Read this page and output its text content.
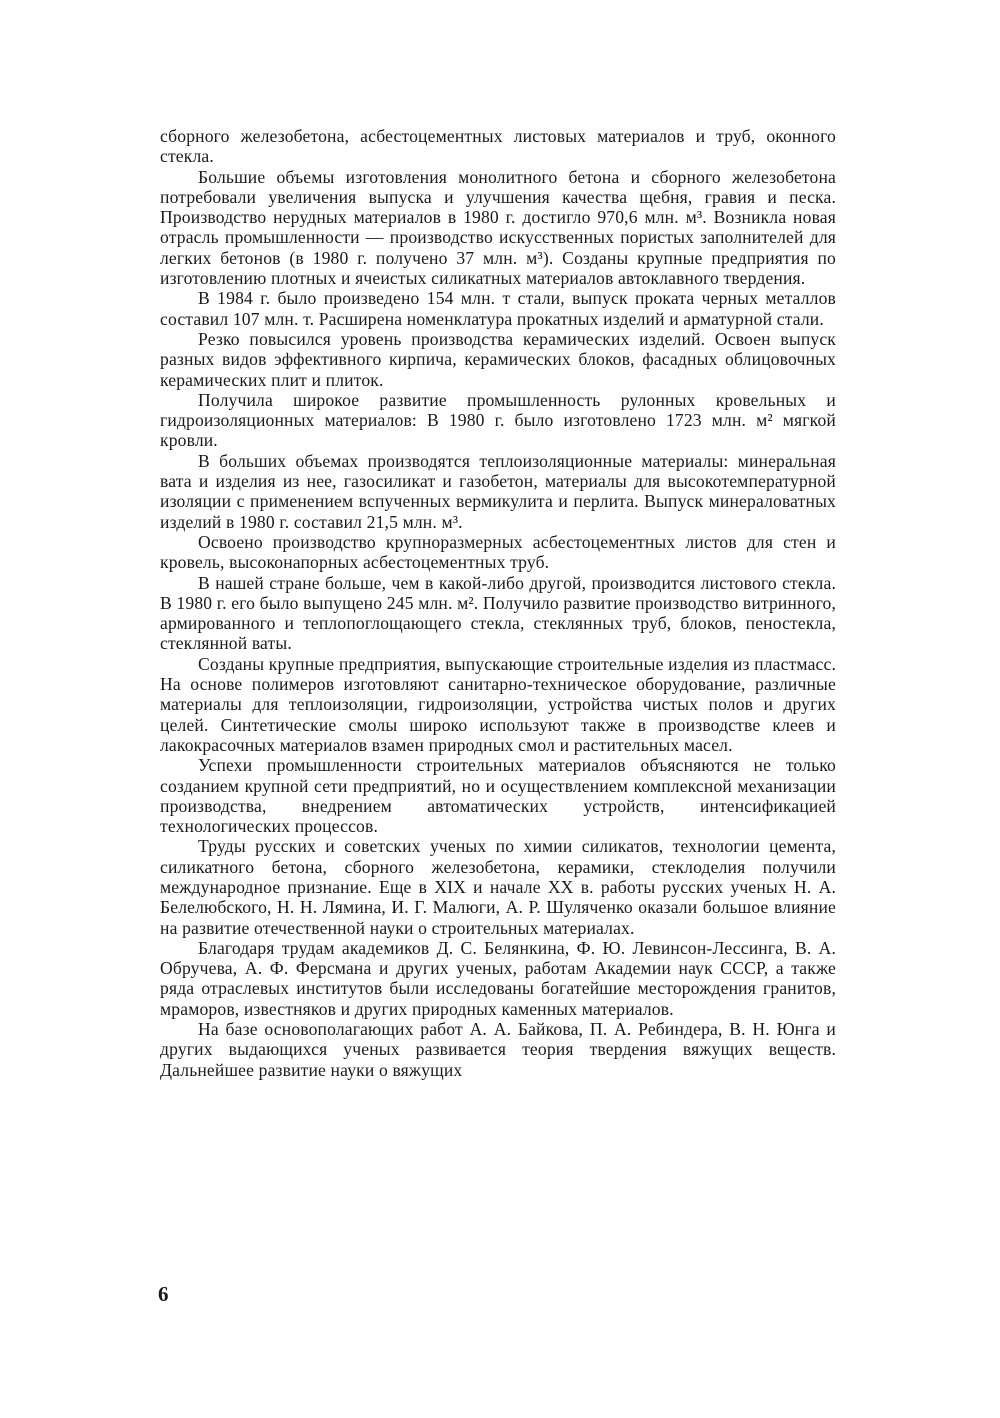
сборного железобетона, асбестоцементных листовых материалов и труб, оконного стекла.

Большие объемы изготовления монолитного бетона и сборного железобетона потребовали увеличения выпуска и улучшения качества щебня, гравия и песка. Производство нерудных материалов в 1980 г. достигло 970,6 млн. м³. Возникла новая отрасль промышленности — производство искусственных пористых заполнителей для легких бетонов (в 1980 г. получено 37 млн. м³). Созданы крупные предприятия по изготовлению плотных и ячеистых силикатных материалов автоклавного твердения.

В 1984 г. было произведено 154 млн. т стали, выпуск проката черных металлов составил 107 млн. т. Расширена номенклатура прокатных изделий и арматурной стали.

Резко повысился уровень производства керамических изделий. Освоен выпуск разных видов эффективного кирпича, керамических блоков, фасадных облицовочных керамических плит и плиток.

Получила широкое развитие промышленность рулонных кровельных и гидроизоляционных материалов: В 1980 г. было изготовлено 1723 млн. м² мягкой кровли.

В больших объемах производятся теплоизоляционные материалы: минеральная вата и изделия из нее, газосиликат и газобетон, материалы для высокотемпературной изоляции с применением вспученных вермикулита и перлита. Выпуск минераловатных изделий в 1980 г. составил 21,5 млн. м³.

Освоено производство крупноразмерных асбестоцементных листов для стен и кровель, высоконапорных асбестоцементных труб.

В нашей стране больше, чем в какой-либо другой, производится листового стекла. В 1980 г. его было выпущено 245 млн. м². Получило развитие производство витринного, армированного и теплопоглощающего стекла, стеклянных труб, блоков, пеностекла, стеклянной ваты.

Созданы крупные предприятия, выпускающие строительные изделия из пластмасс. На основе полимеров изготовляют санитарно-техническое оборудование, различные материалы для теплоизоляции, гидроизоляции, устройства чистых полов и других целей. Синтетические смолы широко используют также в производстве клеев и лакокрасочных материалов взамен природных смол и растительных масел.

Успехи промышленности строительных материалов объясняются не только созданием крупной сети предприятий, но и осуществлением комплексной механизации производства, внедрением автоматических устройств, интенсификацией технологических процессов.

Труды русских и советских ученых по химии силикатов, технологии цемента, силикатного бетона, сборного железобетона, керамики, стеклоделия получили международное признание. Еще в XIX и начале XX в. работы русских ученых Н. А. Белелюбского, Н. Н. Лямина, И. Г. Малюги, А. Р. Шуляченко оказали большое влияние на развитие отечественной науки о строительных материалах.

Благодаря трудам академиков Д. С. Белянкина, Ф. Ю. Левинсон-Лессинга, В. А. Обручева, А. Ф. Ферсмана и других ученых, работам Академии наук СССР, а также ряда отраслевых институтов были исследованы богатейшие месторождения гранитов, мраморов, известняков и других природных каменных материалов.

На базе основополагающих работ А. А. Байкова, П. А. Ребиндера, В. Н. Юнга и других выдающихся ученых развивается теория твердения вяжущих веществ. Дальнейшее развитие науки о вяжущих

6
